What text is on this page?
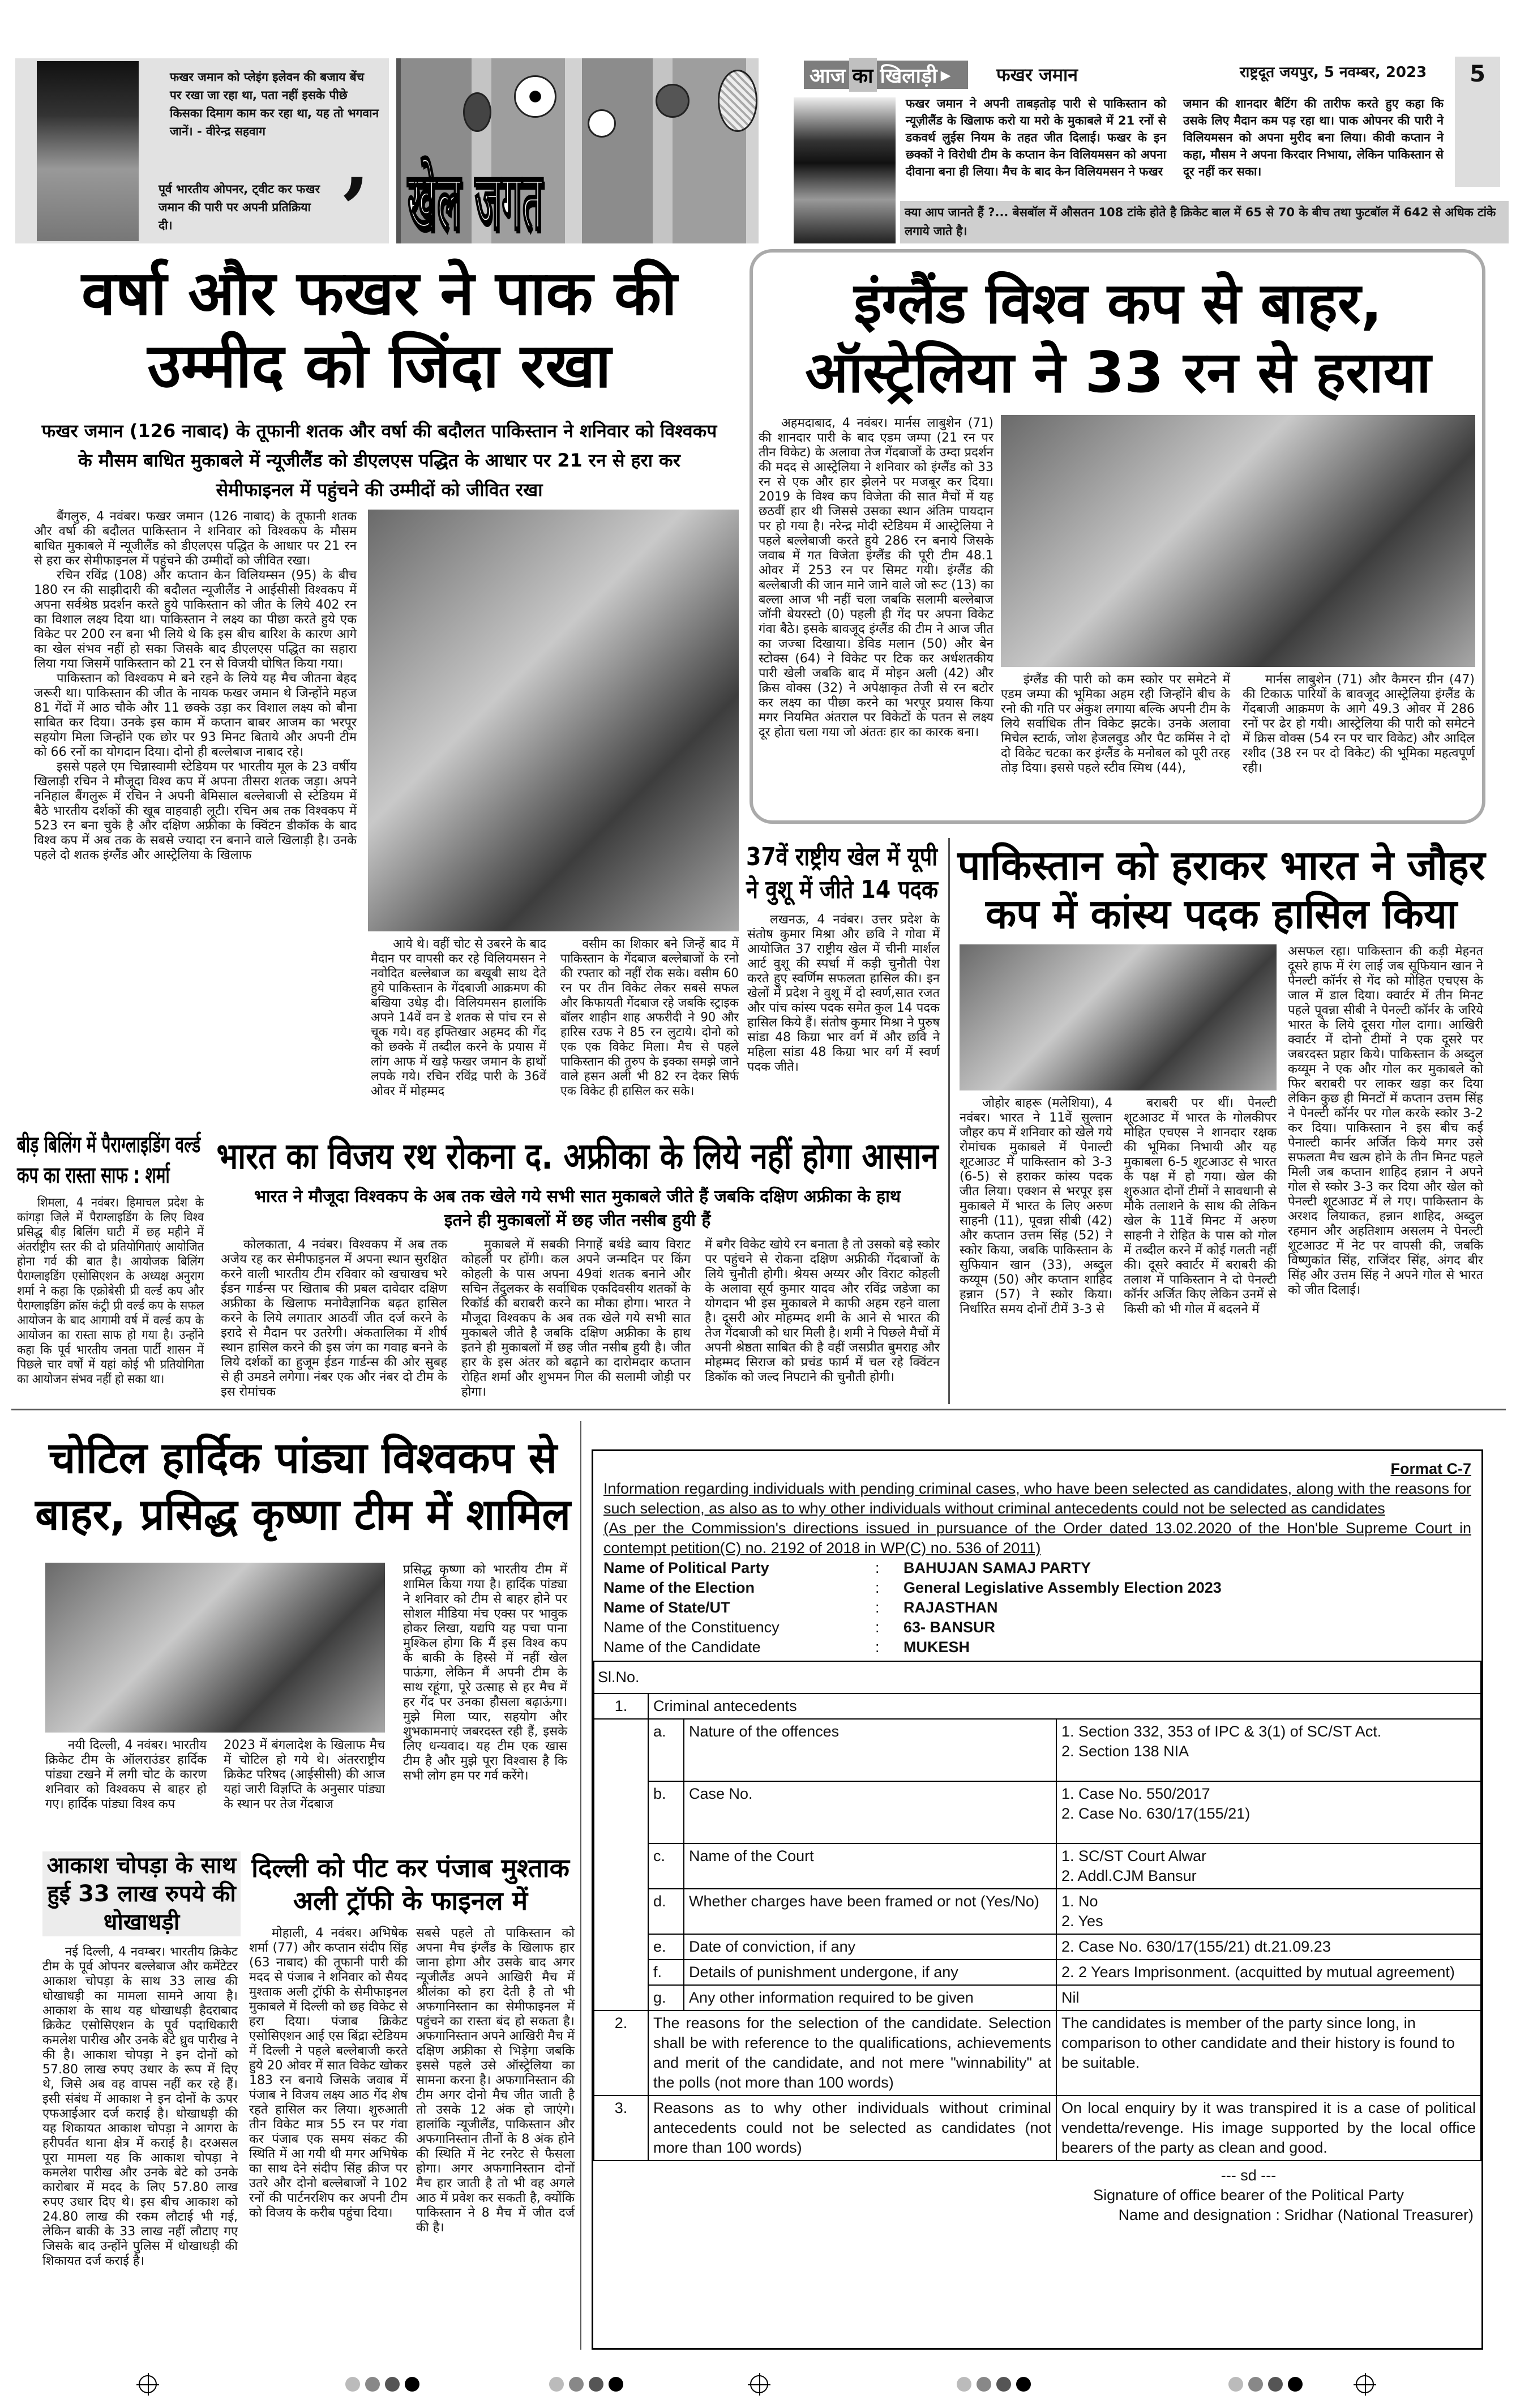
फखर जमान को प्लेइंग इलेवन की बजाय बेंच पर रखा जा रहा था, पता नहीं इसके पीछे किसका दिमाग काम कर रहा था, यह तो भगवान जानें। - वीरेन्द्र सहवाग
पूर्व भारतीय ओपनर, ट्वीट कर फखर जमान की पारी पर अपनी प्रतिक्रिया दी।	’ खेल जगत
आज का खिलाड़ी ▸	फखर जमान	राष्ट्रदूत जयपुर, 5 नवम्बर, 2023	5
फखर जमान ने अपनी ताबड़तोड़ पारी से पाकिस्तान को न्यूज़ीलैंड के खिलाफ करो या मरो के मुकाबले में 21 रनों से डकवर्थ लुईस नियम के तहत जीत दिलाई। फखर के इन छक्कों ने विरोधी टीम के कप्तान केन विलियमसन को अपना दीवाना बना ही लिया। मैच के बाद केन विलियमसन ने फखर
जमान की शानदार बैटिंग की तारीफ करते हुए कहा कि उसके लिए मैदान कम पड़ रहा था। पाक ओपनर की पारी ने विलियमसन को अपना मुरीद बना लिया। कीवी कप्तान ने कहा, मौसम ने अपना किरदार निभाया, लेकिन पाकिस्तान से दूर नहीं कर सका।
क्या आप जानते हैं ?... बेसबॉल में औसतन 108 टांके होते है क्रिकेट बाल में 65 से 70 के बीच तथा फुटबॉल में 642 से अधिक टांके लगाये जाते है।
वर्षा और फखर ने पाक की उम्मीद को जिंदा रखा
फखर जमान (126 नाबाद) के तूफानी शतक और वर्षा की बदौलत पाकिस्तान ने शनिवार को विश्वकप के मौसम बाधित मुकाबले में न्यूजीलैंड को डीएलएस पद्धित के आधार पर 21 रन से हरा कर सेमीफाइनल में पहुंचने की उम्मीदों को जीवित रखा

बैंगलुरु, 4 नवंबर। फखर जमान (126 नाबाद) के तूफानी शतक और वर्षा की बदौलत पाकिस्तान ने शनिवार को विश्वकप के मौसम बाधित मुकाबले में न्यूजीलैंड को डीएलएस पद्धित के आधार पर 21 रन से हरा कर सेमीफाइनल में पहुंचने की उम्मीदों को जीवित रखा।

रचिन रविंद्र (108) और कप्तान केन विलियम्सन (95) के बीच 180 रन की साझीदारी की बदौलत न्यूजीलैंड ने आईसीसी विश्वकप में अपना सर्वश्रेष्ठ प्रदर्शन करते हुये पाकिस्तान को जीत के लिये 402 रन का विशाल लक्ष्य दिया था। पाकिस्तान ने लक्ष्य का पीछा करते हुये एक विकेट पर 200 रन बना भी लिये थे कि इस बीच बारिश के कारण आगे का खेल संभव नहीं हो सका जिसके बाद डीएलएस पद्धित का सहारा लिया गया जिसमें पाकिस्तान को 21 रन से विजयी घोषित किया गया।

पाकिस्तान को विश्वकप मे बने रहने के लिये यह मैच जीतना बेहद जरूरी था। पाकिस्तान की जीत के नायक फखर जमान थे जिन्होंने महज 81 गेंदों में आठ चौके और 11 छक्के उड़ा कर विशाल लक्ष्य को बौना साबित कर दिया। उनके इस काम में कप्तान बाबर आजम का भरपूर सहयोग मिला जिन्होंने एक छोर पर 93 मिनट बिताये और अपनी टीम को 66 रनों का योगदान दिया। दोनो ही बल्लेबाज नाबाद रहे।

इससे पहले एम चिन्नास्वामी स्टेडियम पर भारतीय मूल के 23 वर्षीय खिलाड़ी रचिन ने मौजूदा विश्व कप में अपना तीसरा शतक जड़ा। अपने ननिहाल बैंगलुरू में रचिन ने अपनी बेमिसाल बल्लेबाजी से स्टेडियम में बैठे भारतीय दर्शकों की खूब वाहवाही लूटी। रचिन अब तक विश्वकप में 523 रन बना चुके है और दक्षिण अफ्रीका के क्विंटन डीकॉक के बाद विश्व कप में अब तक के सबसे ज्यादा रन बनाने वाले खिलाड़ी है। उनके पहले दो शतक इंग्लैंड और आस्ट्रेलिया के खिलाफ

आये थे। वहीं चोट से उबरने के बाद मैदान पर वापसी कर रहे विलियमसन ने नवोदित बल्लेबाज का बखूबी साथ देते हुये पाकिस्तान के गेंदबाजी आक्रमण की बखिया उधेड़ दी। विलियमसन हालांकि अपने 14वें वन डे शतक से पांच रन से चूक गये। वह इफ्तिखार अहमद की गेंद को छक्के में तब्दील करने के प्रयास में लांग आफ में खड़े फखर जमान के हाथों लपके गये। रचिन रविंद्र पारी के 36वें ओवर में मोहम्मद

वसीम का शिकार बने जिन्हें बाद में पाकिस्तान के गेंदबाज बल्लेबाजों के रनो की रफ्तार को नहीं रोक सके। वसीम 60 रन पर तीन विकेट लेकर सबसे सफल और किफायती गेंदबाज रहे जबकि स्ट्राइक बॉलर शाहीन शाह अफरीदी ने 90 और हारिस रउफ ने 85 रन लुटाये। दोनो को एक एक विकेट मिला। मैच से पहले पाकिस्तान की तुरुप के इक्का समझे जाने वाले हसन अली भी 82 रन देकर सिर्फ एक विकेट ही हासिल कर सके।

इंग्लैंड विश्व कप से बाहर, ऑस्ट्रेलिया ने 33 रन से हराया

अहमदाबाद, 4 नवंबर। मार्नस लाबुशेन (71) की शानदार पारी के बाद एडम जम्पा (21 रन पर तीन विकेट) के अलावा तेज गेंदबाजों के उम्दा प्रदर्शन की मदद से आस्ट्रेलिया ने शनिवार को इंग्लैंड को 33 रन से एक और हार झेलने पर मजबूर कर दिया। 2019 के विश्व कप विजेता की सात मैचों में यह छठवीं हार थी जिससे उसका स्थान अंतिम पायदान पर हो गया है। नरेन्द्र मोदी स्टेडियम में आस्ट्रेलिया ने पहले बल्लेबाजी करते हुये 286 रन बनाये जिसके जवाब में गत विजेता इंग्लैंड की पूरी टीम 48.1 ओवर में 253 रन पर सिमट गयी। इंग्लैंड की बल्लेबाजी की जान माने जाने वाले जो रूट (13) का बल्ला आज भी नहीं चला जबकि सलामी बल्लेबाज जॉनी बेयरस्टो (0) पहली ही गेंद पर अपना विकेट गंवा बैठे। इसके बावजूद इंग्लैंड की टीम ने आज जीत का जज्बा दिखाया। डेविड मलान (50) और बेन स्टोक्स (64) ने विकेट पर टिक कर अर्धशतकीय पारी खेली जबकि बाद में मोइन अली (42) और क्रिस वोक्स (32) ने अपेक्षाकृत तेजी से रन बटोर कर लक्ष्य का पीछा करने का भरपूर प्रयास किया मगर नियमित अंतराल पर विकेटों के पतन से लक्ष्य दूर होता चला गया जो अंततः हार का कारक बना।

इंग्लैंड की पारी को कम स्कोर पर समेटने में एडम जम्पा की भूमिका अहम रही जिन्होंने बीच के रनो की गति पर अंकुश लगाया बल्कि अपनी टीम के लिये सर्वाधिक तीन विकेट झटके। उनके अलावा मिचेल स्टार्क, जोश हेजलवुड और पैट कमिंस ने दो दो विकेट चटका कर इंग्लैंड के मनोबल को पूरी तरह तोड़ दिया। इससे पहले स्टीव स्मिथ (44),

मार्नस लाबुशेन (71) और कैमरन ग्रीन (47) की टिकाऊ पारियों के बावजूद आस्ट्रेलिया इंग्लैंड के गेंदबाजी आक्रमण के आगे 49.3 ओवर में 286 रनों पर ढेर हो गयी। आस्ट्रेलिया की पारी को समेटने में क्रिस वोक्स (54 रन पर चार विकेट) और आदिल रशीद (38 रन पर दो विकेट) की भूमिका महत्वपूर्ण रही।

37वें राष्ट्रीय खेल में यूपी ने वुशू में जीते 14 पदक

लखनऊ, 4 नवंबर। उत्तर प्रदेश के संतोष कुमार मिश्रा और छवि ने गोवा में आयोजित 37 राष्ट्रीय खेल में चीनी मार्शल आर्ट वुशू की स्पर्धा में कड़ी चुनौती पेश करते हुए स्वर्णिम सफलता हासिल की। इन खेलों में प्रदेश ने वुशू में दो स्वर्ण,सात रजत और पांच कांस्य पदक समेत कुल 14 पदक हासिल किये हैं। संतोष कुमार मिश्रा ने पुरुष सांडा 48 किग्रा भार वर्ग में और छवि ने महिला सांडा 48 किग्रा भार वर्ग में स्वर्ण पदक जीते।

पाकिस्तान को हराकर भारत ने जौहर कप में कांस्य पदक हासिल किया

जोहोर बाहरू (मलेशिया), 4 नवंबर। भारत ने 11वें सुल्तान जौहर कप में शनिवार को खेले गये रोमांचक मुकाबले में पेनाल्टी शूटआउट में पाकिस्तान को 3-3 (6-5) से हराकर कांस्य पदक जीत लिया। एक्शन से भरपूर इस मुकाबले में भारत के लिए अरुण साहनी (11), पूवन्ना सीबी (42) और कप्तान उत्तम सिंह (52) ने स्कोर किया, जबकि पाकिस्तान के सुफियान खान (33), अब्दुल कय्यूम (50) और कप्तान शाहिद हन्नान (57) ने स्कोर किया। निर्धारित समय दोनों टीमें 3-3 से

बराबरी पर थीं। पेनल्टी शूटआउट में भारत के गोलकीपर मोहित एचएस ने शानदार रक्षक की भूमिका निभायी और यह मुकाबला 6-5 शूटआउट से भारत के पक्ष में हो गया। खेल की शुरुआत दोनों टीमों ने सावधानी से मौके तलाशने के साथ की लेकिन खेल के 11वें मिनट में अरुण साहनी ने रोहित के पास को गोल में तब्दील करने में कोई गलती नहीं की। दूसरे क्वार्टर में बराबरी की तलाश में पाकिस्तान ने दो पेनल्टी कॉर्नर अर्जित किए लेकिन उनमें से किसी को भी गोल में बदलने में

असफल रहा। पाकिस्तान की कड़ी मेहनत दूसरे हाफ में रंग लाई जब सूफियान खान ने पेनल्टी कॉर्नर से गेंद को मोहित एचएस के जाल में डाल दिया। क्वार्टर में तीन मिनट पहले पूवन्ना सीबी ने पेनल्टी कॉर्नर के जरिये भारत के लिये दूसरा गोल दागा। आखिरी क्वार्टर में दोनो टीमों ने एक दूसरे पर जबरदस्त प्रहार किये। पाकिस्तान के अब्दुल कय्यूम ने एक और गोल कर मुकाबले को फिर बराबरी पर लाकर खड़ा कर दिया लेकिन कुछ ही मिनटों में कप्तान उत्तम सिंह ने पेनल्टी कॉर्नर पर गोल करके स्कोर 3-2 कर दिया। पाकिस्तान ने इस बीच कई पेनाल्टी कार्नर अर्जित किये मगर उसे सफलता मैच खत्म होने के तीन मिनट पहले मिली जब कप्तान शाहिद हन्नान ने अपने गोल से स्कोर 3-3 कर दिया और खेल को पेनल्टी शूटआउट में ले गए। पाकिस्तान के अरशद लियाकत, हन्नान शाहिद, अब्दुल रहमान और अहतिशाम असलम ने पेनल्टी शूटआउट में नेट पर वापसी की, जबकि विष्णुकांत सिंह, राजिंदर सिंह, अंगद बीर सिंह और उत्तम सिंह ने अपने गोल से भारत को जीत दिलाई।

बीड़ बिलिंग में पैराग्लाइडिंग वर्ल्ड कप का रास्ता साफ : शर्मा

शिमला, 4 नवंबर। हिमाचल प्रदेश के कांगड़ा जिले में पैराग्लाइडिंग के लिए विश्व प्रसिद्ध बीड़ बिलिंग घाटी में छह महीने में अंतर्राष्ट्रीय स्तर की दो प्रतियोगिताएं आयोजित होना गर्व की बात है। आयोजक बिलिंग पैराग्लाइडिंग एसोसिएशन के अध्यक्ष अनुराग शर्मा ने कहा कि एक्रोबेसी प्री वर्ल्ड कप और पैराग्लाइडिंग क्रॉस कंट्री प्री वर्ल्ड कप के सफल आयोजन के बाद आगामी वर्ष में वर्ल्ड कप के आयोजन का रास्ता साफ हो गया है। उन्होंने कहा कि पूर्व भारतीय जनता पार्टी शासन में पिछले चार वर्षों में यहां कोई भी प्रतियोगिता का आयोजन संभव नहीं हो सका था।

भारत का विजय रथ रोकना द. अफ्रीका के लिये नहीं होगा आसान
भारत ने मौजूदा विश्वकप के अब तक खेले गये सभी सात मुकाबले जीते हैं जबकि दक्षिण अफ्रीका के हाथ इतने ही मुकाबलों में छह जीत नसीब हुयी हैं

कोलकाता, 4 नवंबर। विश्वकप में अब तक अजेय रह कर सेमीफाइनल में अपना स्थान सुरक्षित करने वाली भारतीय टीम रविवार को खचाखच भरे ईडन गार्डन्स पर खिताब की प्रबल दावेदार दक्षिण अफ्रीका के खिलाफ मनोवैज्ञानिक बढ़त हासिल करने के लिये लगातार आठवीं जीत दर्ज करने के इरादे से मैदान पर उतरेगी। अंकतालिका में शीर्ष स्थान हासिल करने की इस जंग का गवाह बनने के लिये दर्शकों का हुजूम ईडन गार्डन्स की ओर सुबह से ही उमडने लगेगा। नंबर एक और नंबर दो टीम के इस रोमांचक

मुकाबले में सबकी निगाहें बर्थडे ब्वाय विराट कोहली पर होंगी। कल अपने जन्मदिन पर किंग कोहली के पास अपना 49वां शतक बनाने और सचिन तेंदुलकर के सर्वाधिक एकदिवसीय शतकों के रिकॉर्ड की बराबरी करने का मौका होगा। भारत ने मौजूदा विश्वकप के अब तक खेले गये सभी सात मुकाबले जीते है जबकि दक्षिण अफ्रीका के हाथ इतने ही मुकाबलों में छह जीत नसीब हुयी है। जीत हार के इस अंतर को बढ़ाने का दारोमदार कप्तान रोहित शर्मा और शुभमन गिल की सलामी जोड़ी पर होगा।

में बगैर विकेट खोये रन बनाता है तो उसको बड़े स्कोर पर पहुंचने से रोकना दक्षिण अफ्रीकी गेंदबाजों के लिये चुनौती होगी। श्रेयस अय्यर और विराट कोहली के अलावा सूर्य कुमार यादव और रविंद्र जडेजा का योगदान भी इस मुकाबले मे काफी अहम रहने वाला है। दूसरी ओर मोहम्मद शमी के आने से भारत की तेज गेंदबाजी को धार मिली है। शमी ने पिछले मैचों में अपनी श्रेष्ठता साबित की है वहीं जसप्रीत बुमराह और मोहम्मद सिराज को प्रचंड फार्म में चल रहे क्विंटन डिकॉक को जल्द निपटाने की चुनौती होगी।

चोटिल हार्दिक पांड्या विश्वकप से बाहर, प्रसिद्ध कृष्णा टीम में शामिल

नयी दिल्ली, 4 नवंबर। भारतीय क्रिकेट टीम के ऑलराउंडर हार्दिक पांड्या टखने में लगी चोट के कारण शनिवार को विश्वकप से बाहर हो गए। हार्दिक पांड्या विश्व कप

2023 में बंगलादेश के खिलाफ मैच में चोटिल हो गये थे। अंतरराष्ट्रीय क्रिकेट परिषद (आईसीसी) की आज यहां जारी विज्ञप्ति के अनुसार पांड्या के स्थान पर तेज गेंदबाज

प्रसिद्ध कृष्णा को भारतीय टीम में शामिल किया गया है। हार्दिक पांड्या ने शनिवार को टीम से बाहर होने पर सोशल मीडिया मंच एक्स पर भावुक होकर लिखा, यद्यपि यह पचा पाना मुश्किल होगा कि मैं इस विश्व कप के बाकी के हिस्से में नहीं खेल पाऊंगा, लेकिन मैं अपनी टीम के साथ रहूंगा, पूरे उत्साह से हर मैच में हर गेंद पर उनका हौसला बढ़ाऊंगा। मुझे मिला प्यार, सहयोग और शुभकामनाएं जबरदस्त रही हैं, इसके लिए धन्यवाद। यह टीम एक खास टीम है और मुझे पूरा विश्वास है कि सभी लोग हम पर गर्व करेंगे।

आकाश चोपड़ा के साथ हुई 33 लाख रुपये की धोखाधड़ी

नई दिल्ली, 4 नवम्बर। भारतीय क्रिकेट टीम के पूर्व ओपनर बल्लेबाज और कमेंटेटर आकाश चोपड़ा के साथ 33 लाख की धोखाधड़ी का मामला सामने आया है। आकाश के साथ यह धोखाधड़ी हैदराबाद क्रिकेट एसोसिएशन के पूर्व पदाधिकारी कमलेश पारीख और उनके बेटे ध्रुव पारीख ने की है। आकाश चोपड़ा ने इन दोनों को 57.80 लाख रुपए उधार के रूप में दिए थे, जिसे अब वह वापस नहीं कर रहे हैं। इसी संबंध में आकाश ने इन दोनों के ऊपर एफआईआर दर्ज कराई है। धोखाधड़ी की यह शिकायत आकाश चोपड़ा ने आगरा के हरीपर्वत थाना क्षेत्र में कराई है। दरअसल पूरा मामला यह कि आकाश चोपड़ा ने कमलेश पारीख और उनके बेटे को उनके कारोबार में मदद के लिए 57.80 लाख रुपए उधार दिए थे। इस बीच आकाश को 24.80 लाख की रकम लौटाई भी गई, लेकिन बाकी के 33 लाख नहीं लौटाए गए जिसके बाद उन्होंने पुलिस में धोखाधड़ी की शिकायत दर्ज कराई है।

दिल्ली को पीट कर पंजाब मुश्ताक अली ट्रॉफी के फाइनल में

मोहाली, 4 नवंबर। अभिषेक शर्मा (77) और कप्तान संदीप सिंह (63 नाबाद) की तूफानी पारी की मदद से पंजाब ने शनिवार को सैयद मुश्ताक अली ट्रॉफी के सेमीफाइनल मुकाबले में दिल्ली को छह विकेट से हरा दिया। पंजाब क्रिकेट एसोसिएशन आई एस बिंद्रा स्टेडियम में दिल्ली ने पहले बल्लेबाजी करते हुये 20 ओवर में सात विकेट खोकर 183 रन बनाये जिसके जवाब में पंजाब ने विजय लक्ष्य आठ गेंद शेष रहते हासिल कर लिया। शुरुआती तीन विकेट मात्र 55 रन पर गंवा कर पंजाब एक समय संकट की स्थिति में आ गयी थी मगर अभिषेक का साथ देने संदीप सिंह क्रीज पर उतरे और दोनो बल्लेबाजों ने 102 रनों की पार्टनरशिप कर अपनी टीम को विजय के करीब पहुंचा दिया।

सबसे पहले तो पाकिस्तान को अपना मैच इंग्लैंड के खिलाफ हार जाना होगा और उसके बाद अगर न्यूजीलैंड अपने आखिरी मैच में श्रीलंका को हरा देती है तो भी अफगानिस्तान का सेमीफाइनल में पहुंचने का रास्ता बंद हो सकता है। अफगानिस्तान अपने आखिरी मैच में दक्षिण अफ्रीका से भिड़ेगा जबकि इससे पहले उसे ऑस्ट्रेलिया का सामना करना है। अफगानिस्तान की टीम अगर दोनो मैच जीत जाती है तो उसके 12 अंक हो जाएंगे। हालांकि न्यूजीलैंड, पाकिस्तान और अफगानिस्तान तीनों के 8 अंक होने की स्थिति में नेट रनरेट से फैसला होगा। अगर अफगानिस्तान दोनों मैच हार जाती है तो भी वह अगले आठ में प्रवेश कर सकती है, क्योंकि पाकिस्तान ने 8 मैच में जीत दर्ज की है।

Format C-7
Information regarding individuals with pending criminal cases, who have been selected as candidates, along with the reasons for such selection, as also as to why other individuals without criminal antecedents could not be selected as candidates
(As per the Commission's directions issued in pursuance of the Order dated 13.02.2020 of the Hon'ble Supreme Court in contempt petition(C) no. 2192 of 2018 in WP(C) no. 536 of 2011)
Name of Political Party	:	BAHUJAN SAMAJ PARTY
Name of the Election	:	General Legislative Assembly Election 2023
Name of State/UT	:	RAJASTHAN
Name of the Constituency	:	63- BANSUR
Name of the Candidate	:	MUKESH
Sl.No.			
1.	Criminal antecedents		
	a.	Nature of the offences	1. Section 332, 353 of IPC & 3(1) of SC/ST Act.
2. Section 138 NIA
	b.	Case No.	1. Case No. 550/2017
2. Case No. 630/17(155/21)
	c.	Name of the Court	1. SC/ST Court Alwar
2. Addl.CJM Bansur
	d.	Whether charges have been framed or not (Yes/No)	1. No
2. Yes
	e.	Date of conviction, if any	2. Case No. 630/17(155/21) dt.21.09.23
	f.	Details of punishment undergone, if any	2. 2 Years Imprisonment. (acquitted by mutual agreement)
	g.	Any other information required to be given	Nil
2.	The reasons for the selection of the candidate. Selection shall be with reference to the qualifications, achievements and merit of the candidate, and not mere "winnability" at the polls (not more than 100 words)		The candidates is member of the party since long, in comparison to other candidate and their history is found to be suitable.
3.	Reasons as to why other individuals without criminal antecedents could not be selected as candidates (not more than 100 words)		On local enquiry by it was transpired it is a case of political vendetta/revenge. His image supported by the local office bearers of the party as clean and good.
--- sd ---
Signature of office bearer of the Political Party
Name and designation : Sridhar (National Treasurer)
